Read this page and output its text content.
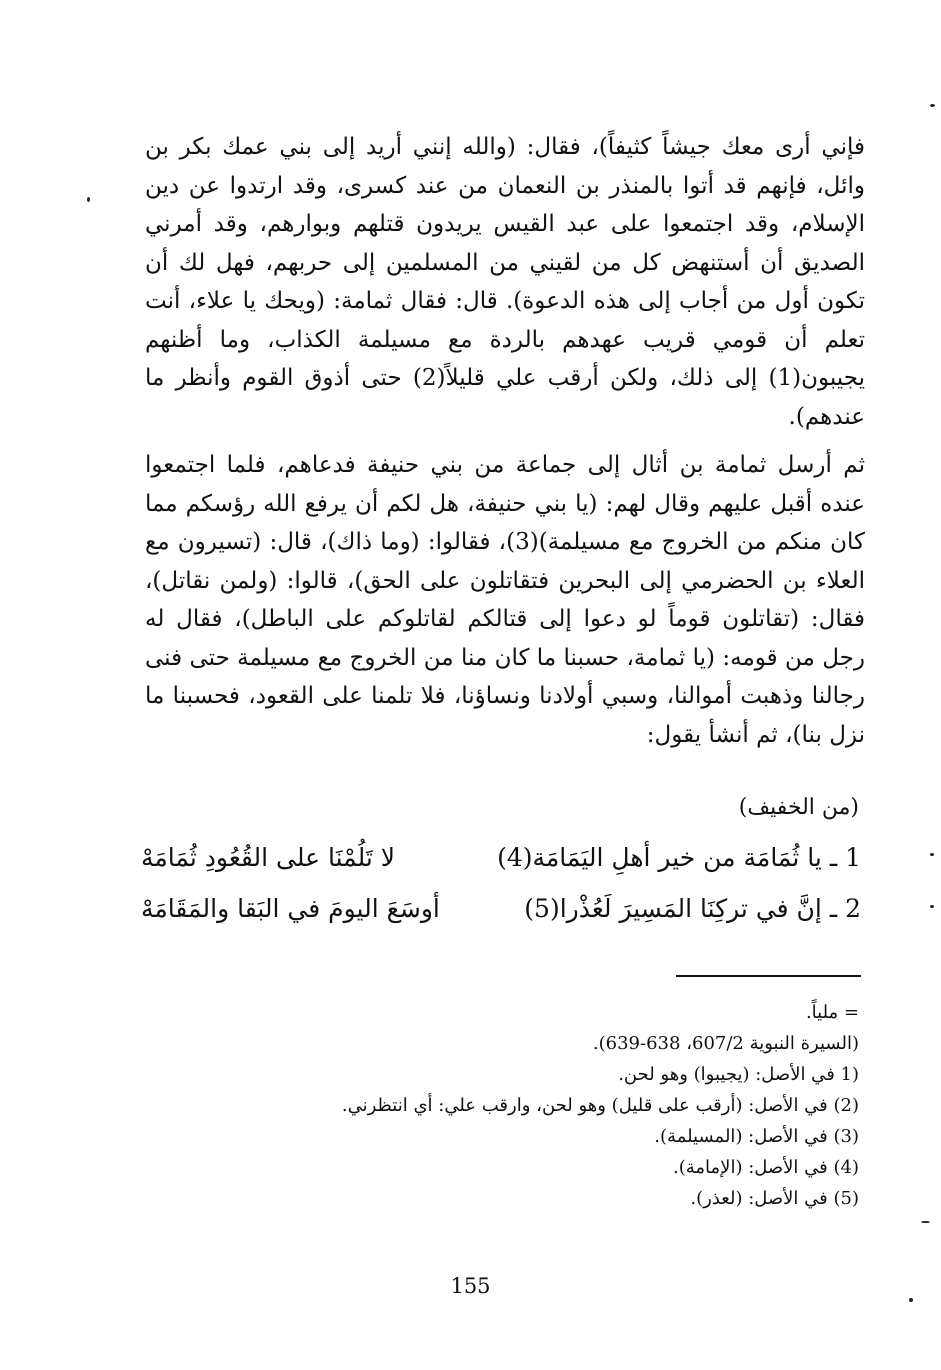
فإني أرى معك جيشاً كثيفاً)، فقال: (والله إنني أريد إلى بني عمك بكر بن وائل، فإنهم قد أتوا بالمنذر بن النعمان من عند كسرى، وقد ارتدوا عن دين الإسلام، وقد اجتمعوا على عبد القيس يريدون قتلهم وبوارهم، وقد أمرني الصديق أن أستنهض كل من لقيني من المسلمين إلى حربهم، فهل لك أن تكون أول من أجاب إلى هذه الدعوة). قال: فقال ثمامة: (ويحك يا علاء، أنت تعلم أن قومي قريب عهدهم بالردة مع مسيلمة الكذاب، وما أظنهم يجيبون(1) إلى ذلك، ولكن أرقب علي قليلاً(2) حتى أذوق القوم وأنظر ما عندهم).

ثم أرسل ثمامة بن أثال إلى جماعة من بني حنيفة فدعاهم، فلما اجتمعوا عنده أقبل عليهم وقال لهم: (يا بني حنيفة، هل لكم أن يرفع الله رؤسكم مما كان منكم من الخروج مع مسيلمة)(3)، فقالوا: (وما ذاك)، قال: (تسيرون مع العلاء بن الحضرمي إلى البحرين فتقاتلون على الحق)، قالوا: (ولمن نقاتل)، فقال: (تقاتلون قوماً لو دعوا إلى قتالكم لقاتلوكم على الباطل)، فقال له رجل من قومه: (يا ثمامة، حسبنا ما كان منا من الخروج مع مسيلمة حتى فنى رجالنا وذهبت أموالنا، وسبي أولادنا ونساؤنا، فلا تلمنا على القعود، فحسبنا ما نزل بنا)، ثم أنشأ يقول:

(من الخفيف)
1 ـ يا ثُمَامَة من خير أهلِ اليَمَامَة(4)
لا تَلُمْنَا على القُعُودِ ثُمَامَهْ
2 ـ إنَّ في تركِنَا المَسِيرَ لَعُذْرا(5)
أوسَعَ اليومَ في البَقا والمَقَامَهْ
= ملياً.
(السيرة النبوية 607/2، 638-639).
(1 في الأصل: (يجيبوا) وهو لحن.
(2) في الأصل: (أرقب على قليل) وهو لحن، وارقب علي: أي انتظرني.
(3) في الأصل: (المسيلمة).
(4) في الأصل: (الإمامة).
(5) في الأصل: (لعذر).
155
